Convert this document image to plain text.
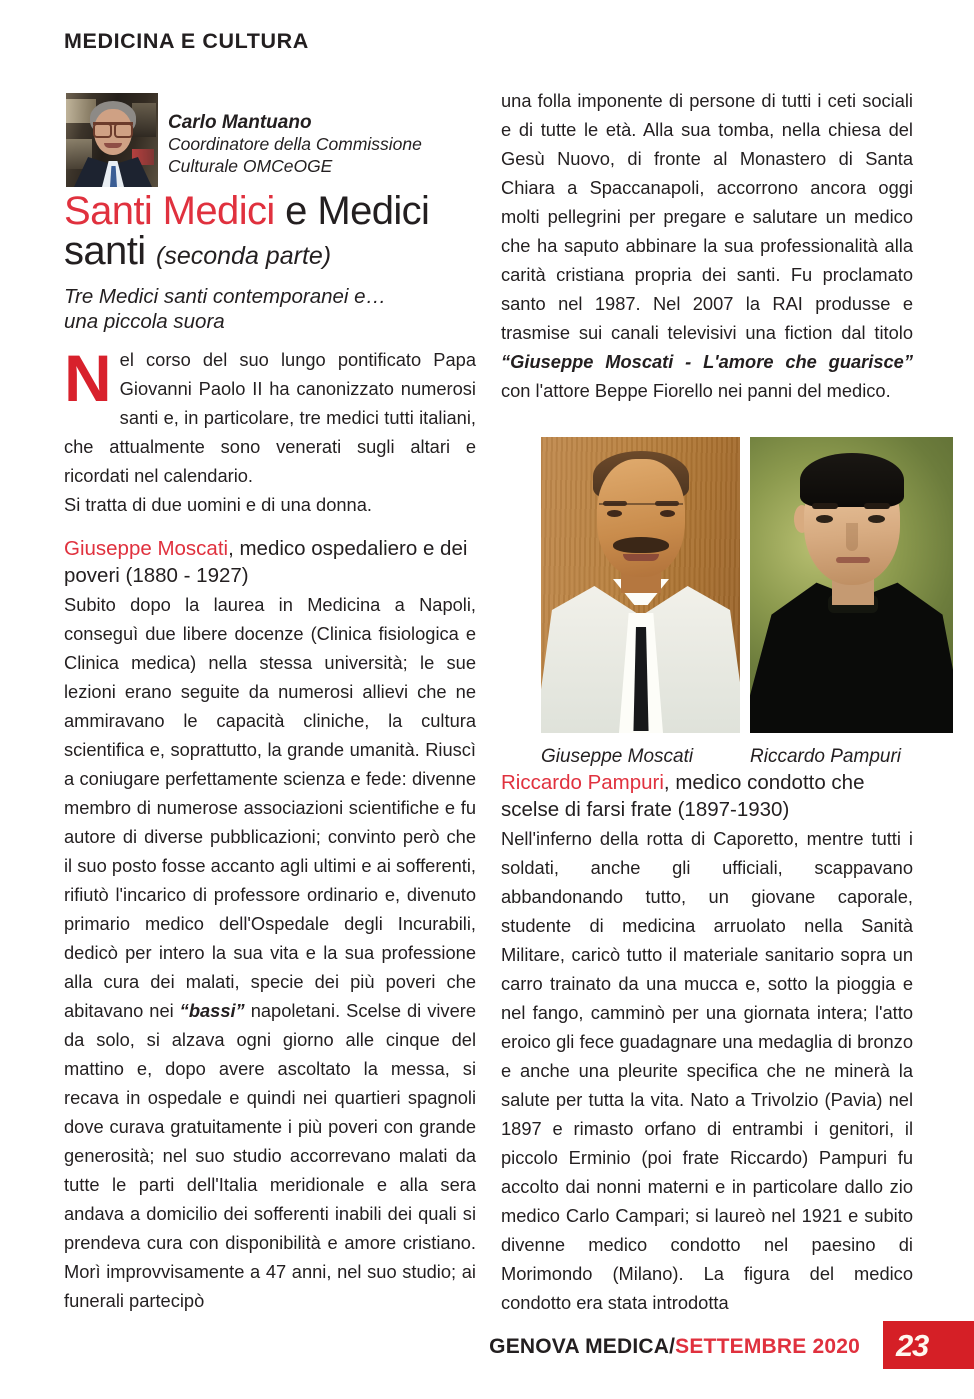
MEDICINA E CULTURA
Carlo Mantuano
Coordinatore della Commissione
Culturale OMCeOGE
Santi Medici e Medici santi (seconda parte)
Tre Medici santi contemporanei e…
una piccola suora

Nel corso del suo lungo pontificato Papa Giovanni Paolo II ha canonizzato numerosi santi e, in particolare, tre medici tutti italiani, che attualmente sono venerati sugli altari e ricordati nel calendario.

Si tratta di due uomini e di una donna.

Giuseppe Moscati, medico ospedaliero e dei poveri (1880 - 1927)

Subito dopo la laurea in Medicina a Napoli, conseguì due libere docenze (Clinica fisiologica e Clinica medica) nella stessa università; le sue lezioni erano seguite da numerosi allievi che ne ammiravano le capacità cliniche, la cultura scientifica e, soprattutto, la grande umanità. Riuscì a coniugare perfettamente scienza e fede: divenne membro di numerose associazioni scientifiche e fu autore di diverse pubblicazioni; convinto però che il suo posto fosse accanto agli ultimi e ai sofferenti, rifiutò l'incarico di professore ordinario e, divenuto primario medico dell'Ospedale degli Incurabili, dedicò per intero la sua vita e la sua professione alla cura dei malati, specie dei più poveri che abitavano nei “bassi” napoletani. Scelse di vivere da solo, si alzava ogni giorno alle cinque del mattino e, dopo avere ascoltato la messa, si recava in ospedale e quindi nei quartieri spagnoli dove curava gratuitamente i più poveri con grande generosità; nel suo studio accorrevano malati da tutte le parti dell'Italia meridionale e alla sera andava a domicilio dei sofferenti inabili dei quali si prendeva cura con disponibilità e amore cristiano. Morì improvvisamente a 47 anni, nel suo studio; ai funerali partecipò

una folla imponente di persone di tutti i ceti sociali e di tutte le età. Alla sua tomba, nella chiesa del Gesù Nuovo, di fronte al Monastero di Santa Chiara a Spaccanapoli, accorrono ancora oggi molti pellegrini per pregare e salutare un medico che ha saputo abbinare la sua professionalità alla carità cristiana propria dei santi. Fu proclamato santo nel 1987. Nel 2007 la RAI produsse e trasmise sui canali televisivi una fiction dal titolo “Giuseppe Moscati - L'amore che guarisce” con l'attore Beppe Fiorello nei panni del medico.

Giuseppe Moscati	Riccardo Pampuri

Riccardo Pampuri, medico condotto che scelse di farsi frate (1897-1930)

Nell'inferno della rotta di Caporetto, mentre tutti i soldati, anche gli ufficiali, scappavano abbandonando tutto, un giovane caporale, studente di medicina arruolato nella Sanità Militare, caricò tutto il materiale sanitario sopra un carro trainato da una mucca e, sotto la pioggia e nel fango, camminò per una giornata intera; l'atto eroico gli fece guadagnare una medaglia di bronzo e anche una pleurite specifica che ne minerà la salute per tutta la vita. Nato a Trivolzio (Pavia) nel 1897 e rimasto orfano di entrambi i genitori, il piccolo Erminio (poi frate Riccardo) Pampuri fu accolto dai nonni materni e in particolare dallo zio medico Carlo Campari; si laureò nel 1921 e subito divenne medico condotto nel paesino di Morimondo (Milano). La figura del medico condotto era stata introdotta

GENOVA MEDICA/SETTEMBRE 2020 23
